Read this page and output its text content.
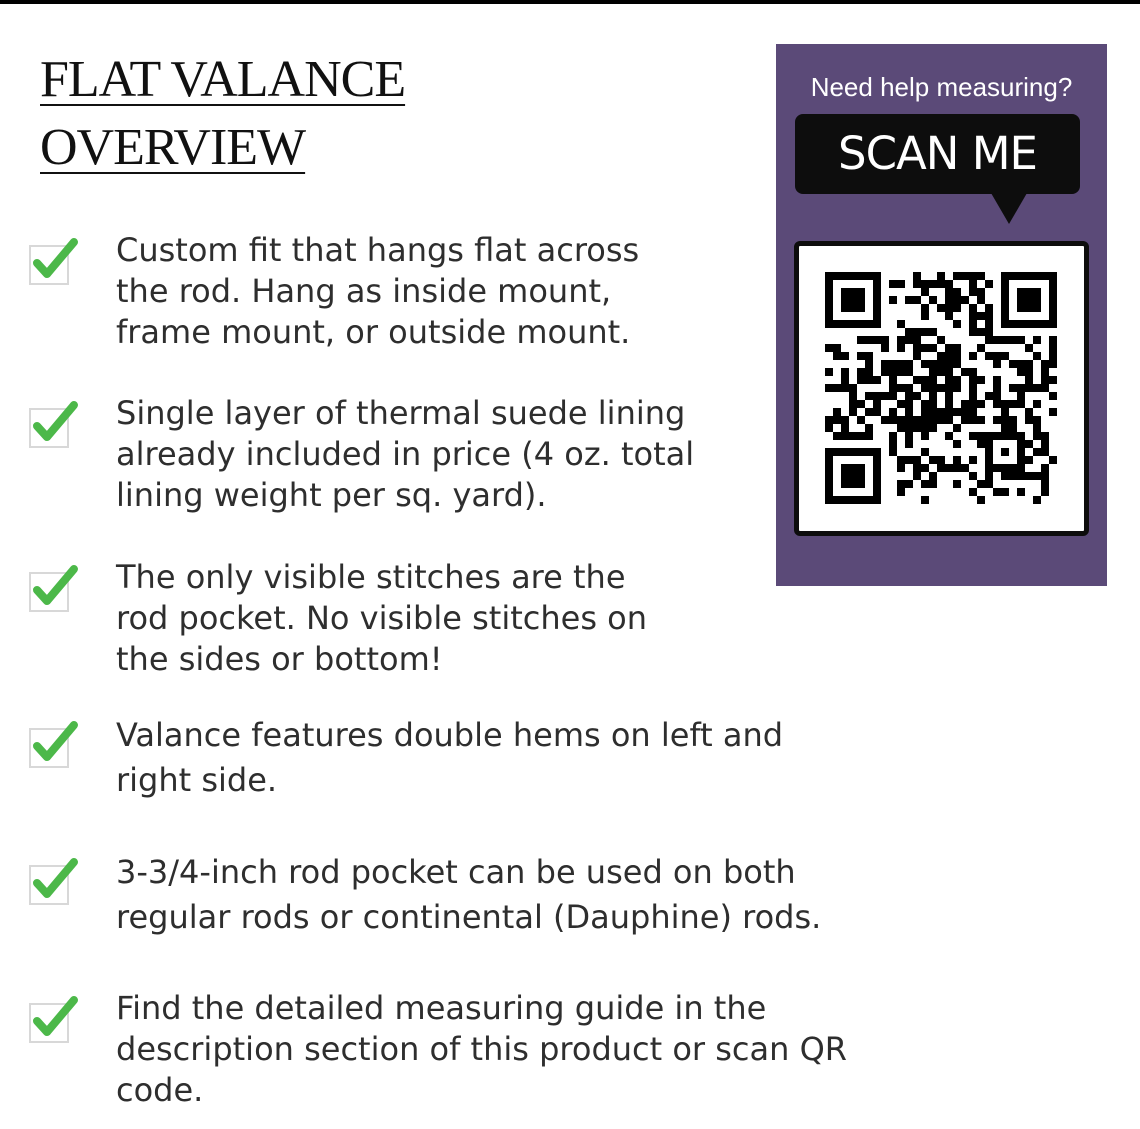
FLAT VALANCE
OVERVIEW
Custom fit that hangs flat across
the rod. Hang as inside mount,
frame mount, or outside mount.
Single layer of thermal suede lining
already included in price (4 oz. total
lining weight per sq. yard).
The only visible stitches are the
rod pocket. No visible stitches on
the sides or bottom!
Valance features double hems on left and
right side.
3-3/4-inch rod pocket can be used on both
regular rods or continental (Dauphine) rods.
Find the detailed measuring guide in the
description section of this product or scan QR code.
Need help measuring?
SCAN ME
